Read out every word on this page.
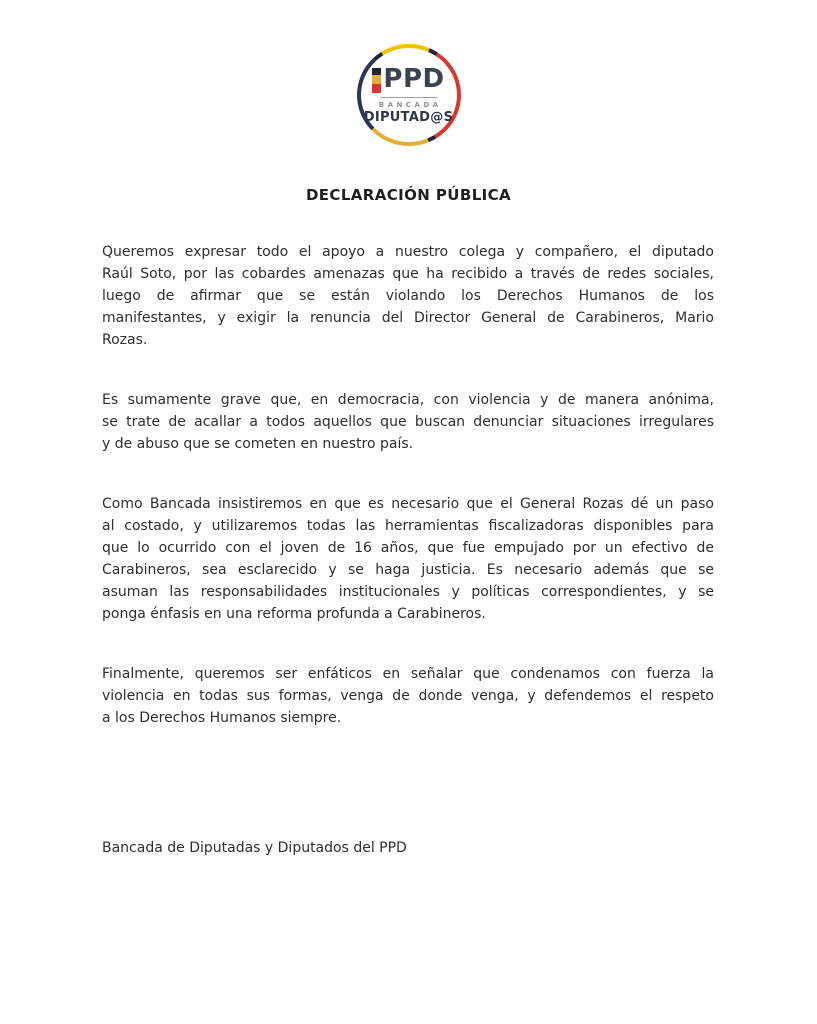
PPD
BANCADA
DIPUTAD@S
DECLARACIÓN PÚBLICA
Queremos expresar todo el apoyo a nuestro colega y compañero, el diputado
Raúl Soto, por las cobardes amenazas que ha recibido a través de redes sociales,
luego de afirmar que se están violando los Derechos Humanos de los
manifestantes, y exigir la renuncia del Director General de Carabineros, Mario
Rozas.
Es sumamente grave que, en democracia, con violencia y de manera anónima,
se trate de acallar a todos aquellos que buscan denunciar situaciones irregulares
y de abuso que se cometen en nuestro país.
Como Bancada insistiremos en que es necesario que el General Rozas dé un paso
al costado, y utilizaremos todas las herramientas fiscalizadoras disponibles para
que lo ocurrido con el joven de 16 años, que fue empujado por un efectivo de
Carabineros, sea esclarecido y se haga justicia. Es necesario además que se
asuman las responsabilidades institucionales y políticas correspondientes, y se
ponga énfasis en una reforma profunda a Carabineros.
Finalmente, queremos ser enfáticos en señalar que condenamos con fuerza la
violencia en todas sus formas, venga de donde venga, y defendemos el respeto
a los Derechos Humanos siempre.
Bancada de Diputadas y Diputados del PPD
